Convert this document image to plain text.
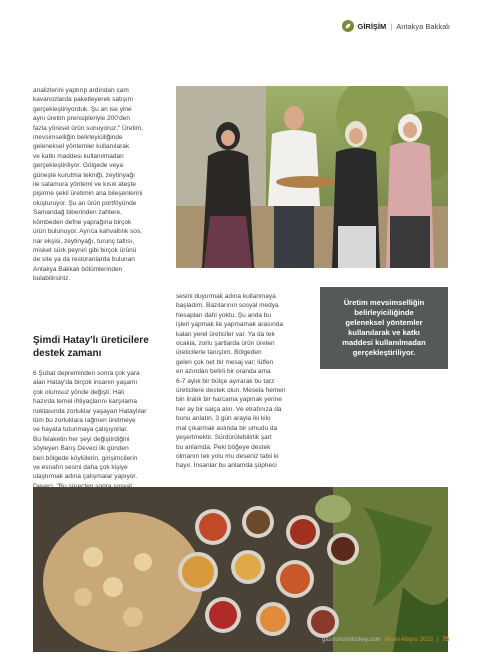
GİRİŞİM | Antakya Bakkalı

analizlerini yaptırıp ardından cam
kavanozlarda paketleyerek satışını
gerçekleştiriyorduk. Şu an ise yine
aynı üretim prensipleriyle 200'den
fazla yöresel ürün sunuyoruz." Üretim,
mevsimselliğin belirleyiciliğinde
geleneksel yöntemler kullanılarak
ve katkı maddesi kullanılmadan
gerçekleştiriliyor. Gölgede veya
güneşte kurutma tekniği, zeytinyağı
ile salamura yöntemi ve kısık ateşte
pişirme şekil üretimin ana bileşenlerini
oluşturuyor. Şu an ürün portföyünde
Samandağ biberinden zahtere,
kömbeden defne yaprağına birçok
ürün bulunuyor. Ayrıca kahvaltılık sos,
nar ekşisi, zeytinyağı, turunç tatlısı,
misket sürk peyniri gibi birçok ürünü
de site ya da restoranlarda bulunan
Antakya Bakkalı bölümlerinden
bulabilirsiniz.

Şimdi Hatay'lı üreticilere
destek zamanı

6 Şubat depreminden sonra çok yara
alan Hatay'da birçok insanın yaşamı
çok olumsuz yönde değişti. Hali
hazırda temel ihtiyaçlarını karşılama
noktasında zorluklar yaşayan Hataylılar
tüm bu zorluklara rağmen üretmeye
ve hayata tutunmaya çalışıyorlar.
Bu felaketin her şeyi değiştirdiğini
söyleyen Barış Deveci ilk günden
beri bölgede köylülerin, girişimcilerin
ve esnafın sesini daha çok kişiye
ulaştırmak adına çalışmalar yapıyor.

sesini duyurmak adına kullanmaya
başladım. Bazılarının sosyal medya
hesapları dahi yoktu. Şu anda bu
işleri yapmak ile yapmamak arasında
kalan yerel üreticiler var. Ya da tek
ocakla, zorlu şartlarda ürün üreten
üreticilerle tanıştım. Bölgeden
gelen çok net bir mesaj var; lütfen
en azından belirli bir oranda ama
6-7 aylık bir bütçe ayırarak bu tarz
üreticilere destek olun. Mesela hemen
bin liralık bir harcama yapmak yerine
her ay bir salça alın. Ve etrafınıza da
bunu anlatın. 3 gün arayla iki kilo
mal çıkarmak aslında bir umudu da
yeşertmektir. Sürdürülebilirlik şart
bu anlamda. Peki böğeye destek
olmanın tek yolu mu deseniz tabii ki
hayır. İnsanlar bu anlamda şüpheci

Üretim mevsimselliğin
belirleyiciliğinde
geleneksel yöntemler
kullanılarak ve katkı
maddesi kullanılmadan
gerçekleştiriliyor.
gastronomiturkey.com Nisan-Mayıs 2023 | 75
